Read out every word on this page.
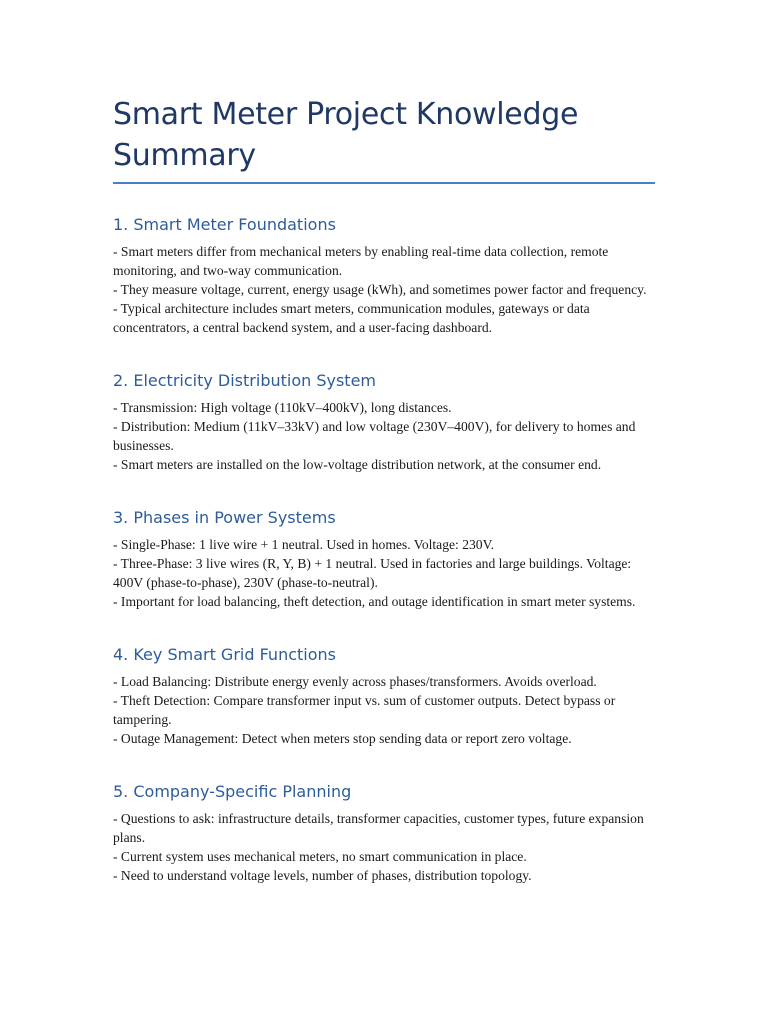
Smart Meter Project Knowledge Summary
1. Smart Meter Foundations

- Smart meters differ from mechanical meters by enabling real-time data collection, remote monitoring, and two-way communication.

- They measure voltage, current, energy usage (kWh), and sometimes power factor and frequency.

- Typical architecture includes smart meters, communication modules, gateways or data concentrators, a central backend system, and a user-facing dashboard.

2. Electricity Distribution System

- Transmission: High voltage (110kV–400kV), long distances.

- Distribution: Medium (11kV–33kV) and low voltage (230V–400V), for delivery to homes and businesses.

- Smart meters are installed on the low-voltage distribution network, at the consumer end.

3. Phases in Power Systems

- Single-Phase: 1 live wire + 1 neutral. Used in homes. Voltage: 230V.

- Three-Phase: 3 live wires (R, Y, B) + 1 neutral. Used in factories and large buildings. Voltage: 400V (phase-to-phase), 230V (phase-to-neutral).

- Important for load balancing, theft detection, and outage identification in smart meter systems.

4. Key Smart Grid Functions

- Load Balancing: Distribute energy evenly across phases/transformers. Avoids overload.

- Theft Detection: Compare transformer input vs. sum of customer outputs. Detect bypass or tampering.

- Outage Management: Detect when meters stop sending data or report zero voltage.

5. Company-Specific Planning

- Questions to ask: infrastructure details, transformer capacities, customer types, future expansion plans.

- Current system uses mechanical meters, no smart communication in place.

- Need to understand voltage levels, number of phases, distribution topology.
